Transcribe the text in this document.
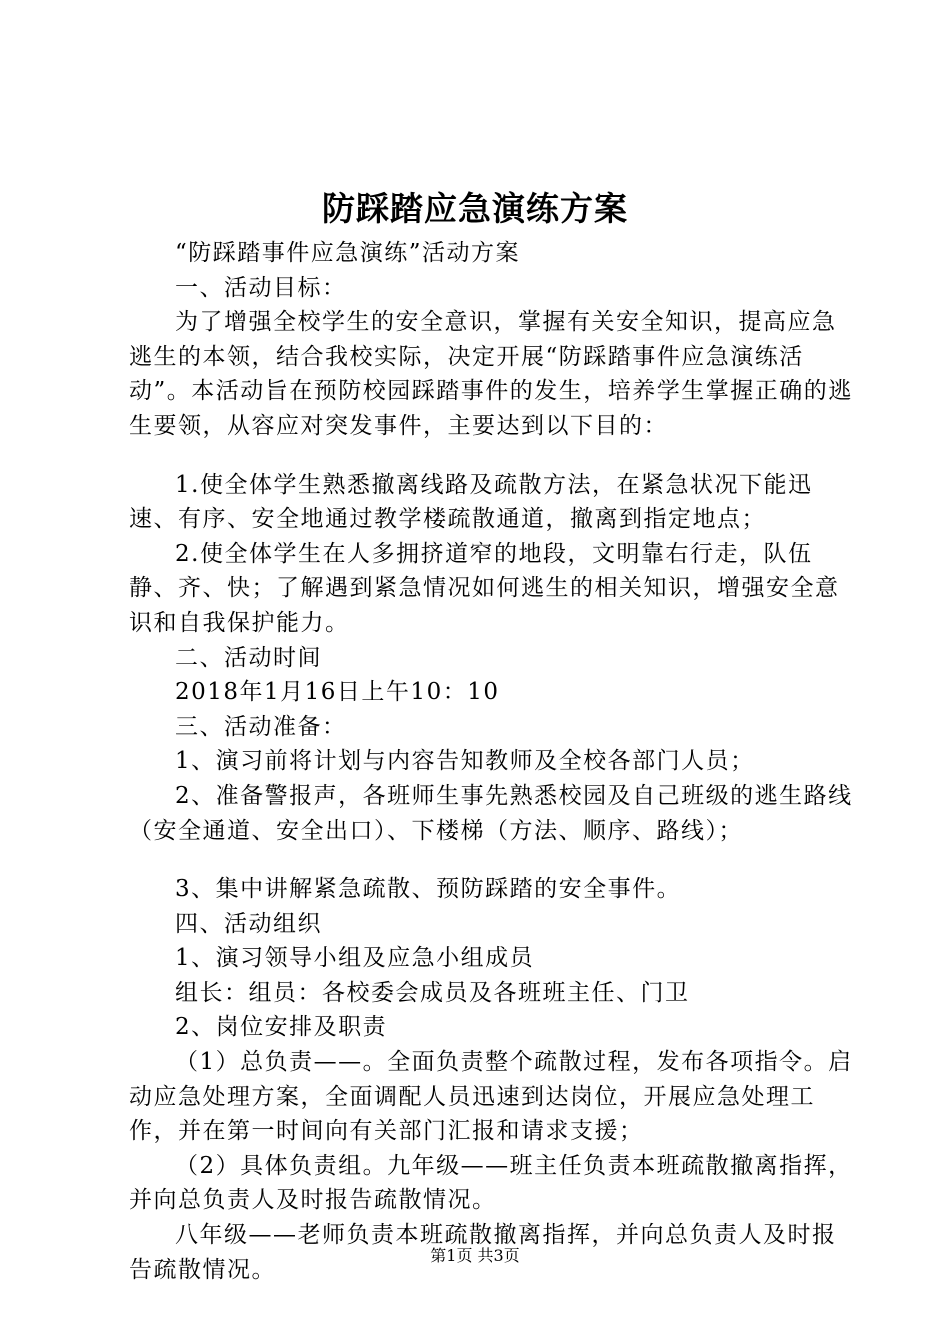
防踩踏应急演练方案

“防踩踏事件应急演练”活动方案

一、活动目标：

为了增强全校学生的安全意识，掌握有关安全知识，提高应急逃生的本领，结合我校实际，决定开展“防踩踏事件应急演练活动”。本活动旨在预防校园踩踏事件的发生，培养学生掌握正确的逃生要领，从容应对突发事件，主要达到以下目的：

1.使全体学生熟悉撤离线路及疏散方法，在紧急状况下能迅速、有序、安全地通过教学楼疏散通道，撤离到指定地点；

2.使全体学生在人多拥挤道窄的地段，文明靠右行走，队伍静、齐、快；了解遇到紧急情况如何逃生的相关知识，增强安全意识和自我保护能力。

二、活动时间

2018年1月16日上午10：10

三、活动准备：

1、演习前将计划与内容告知教师及全校各部门人员；

2、准备警报声，各班师生事先熟悉校园及自己班级的逃生路线（安全通道、安全出口）、下楼梯（方法、顺序、路线）；

3、集中讲解紧急疏散、预防踩踏的安全事件。

四、活动组织

1、演习领导小组及应急小组成员

组长：组员：各校委会成员及各班班主任、门卫

2、岗位安排及职责

（1）总负责——。全面负责整个疏散过程，发布各项指令。启动应急处理方案，全面调配人员迅速到达岗位，开展应急处理工作，并在第一时间向有关部门汇报和请求支援；

（2）具体负责组。九年级——班主任负责本班疏散撤离指挥，并向总负责人及时报告疏散情况。

八年级——老师负责本班疏散撤离指挥，并向总负责人及时报告疏散情况。

第1页 共3页
